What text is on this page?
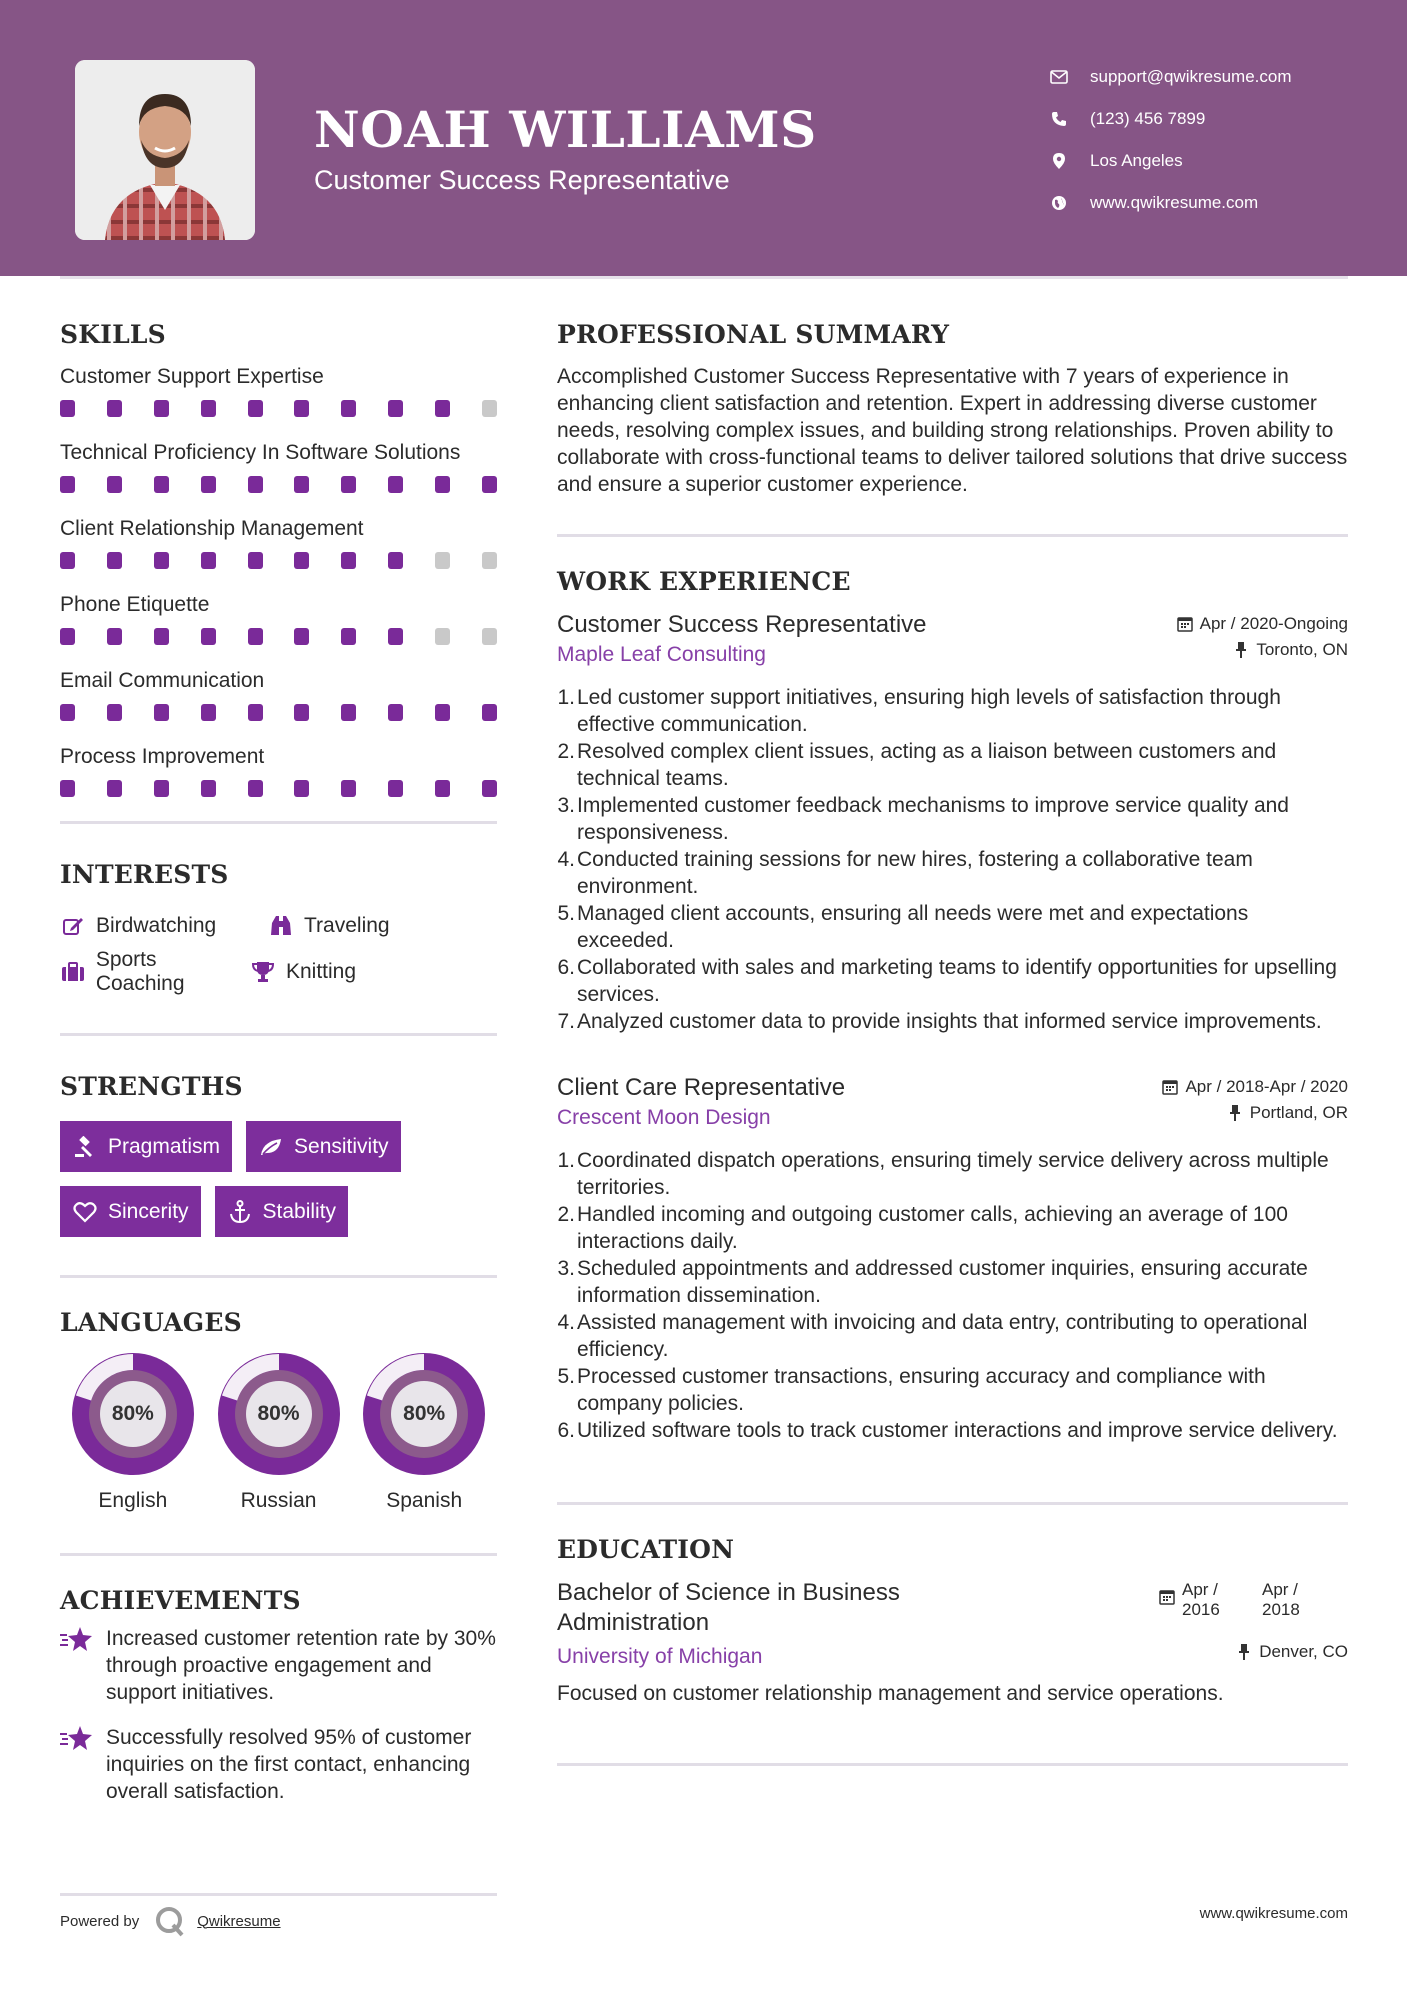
NOAH WILLIAMS
Customer Success Representative
support@qwikresume.com
(123) 456 7899
Los Angeles
www.qwikresume.com
SKILLS
Customer Support Expertise
Technical Proficiency In Software Solutions
Client Relationship Management
Phone Etiquette
Email Communication
Process Improvement
INTERESTS
Birdwatching	Traveling
Sports Coaching
Knitting
STRENGTHS
Pragmatism	Sensitivity
Sincerity	Stability
LANGUAGES
80%
English
80%
Russian
80%
Spanish
ACHIEVEMENTS
Increased customer retention rate by 30% through proactive engagement and support initiatives.
Successfully resolved 95% of customer inquiries on the first contact, enhancing overall satisfaction.
Powered by	Qwikresume
PROFESSIONAL SUMMARY
Accomplished Customer Success Representative with 7 years of experience in enhancing client satisfaction and retention. Expert in addressing diverse customer needs, resolving complex issues, and building strong relationships. Proven ability to collaborate with cross-functional teams to deliver tailored solutions that drive success and ensure a superior customer experience.
WORK EXPERIENCE
Customer Success Representative	Apr / 2020-Ongoing
Maple Leaf Consulting	Toronto, ON
1. Led customer support initiatives, ensuring high levels of satisfaction through effective communication.
2. Resolved complex client issues, acting as a liaison between customers and technical teams.
3. Implemented customer feedback mechanisms to improve service quality and responsiveness.
4. Conducted training sessions for new hires, fostering a collaborative team environment.
5. Managed client accounts, ensuring all needs were met and expectations exceeded.
6. Collaborated with sales and marketing teams to identify opportunities for upselling services.
7. Analyzed customer data to provide insights that informed service improvements.
Client Care Representative	Apr / 2018-Apr / 2020
Crescent Moon Design	Portland, OR
1. Coordinated dispatch operations, ensuring timely service delivery across multiple territories.
2. Handled incoming and outgoing customer calls, achieving an average of 100 interactions daily.
3. Scheduled appointments and addressed customer inquiries, ensuring accurate information dissemination.
4. Assisted management with invoicing and data entry, contributing to operational efficiency.
5. Processed customer transactions, ensuring accuracy and compliance with company policies.
6. Utilized software tools to track customer interactions and improve service delivery.
EDUCATION
Bachelor of Science in Business Administration
Apr / 2016
Apr / 2018
University of Michigan	Denver, CO
Focused on customer relationship management and service operations.
www.qwikresume.com
